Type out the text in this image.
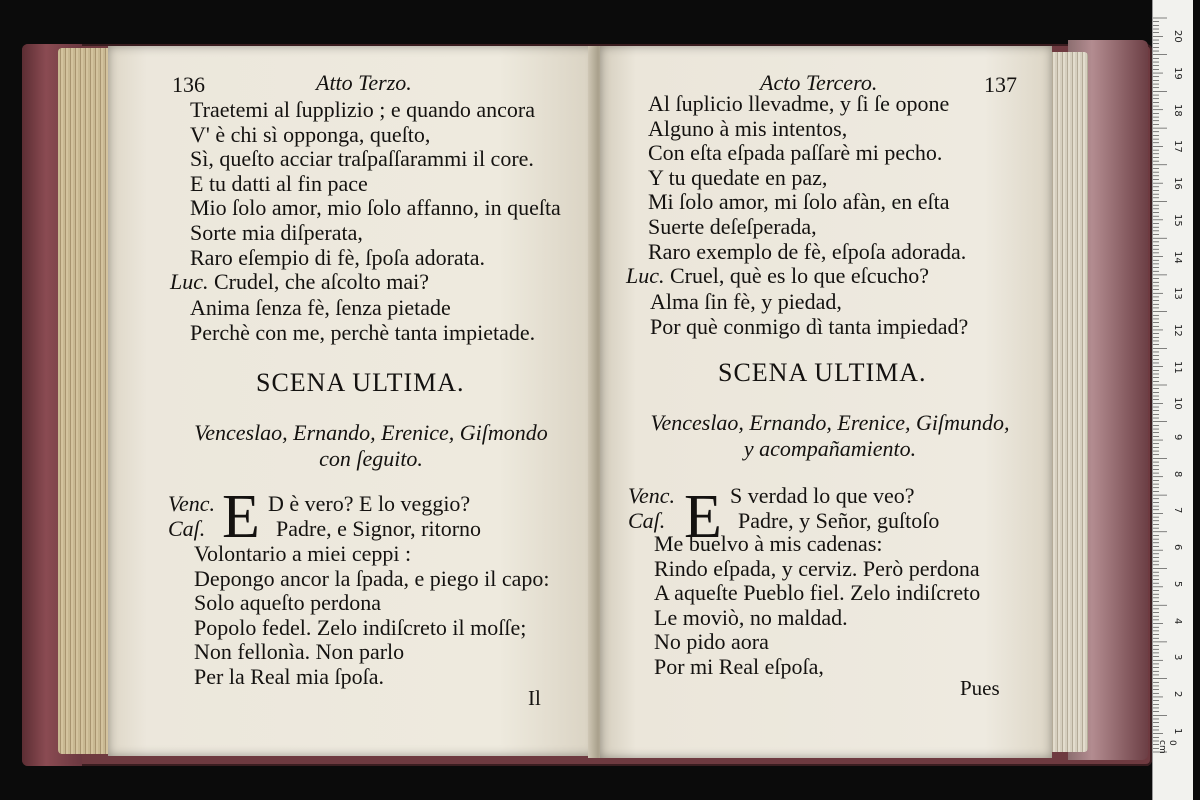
136	Atto Terzo.
Traetemi al ſupplizio ; e quando ancora
V' è chi sì opponga, queſto,
Sì, queſto acciar traſpaſſarammi il core.
E tu datti al fin pace
Mio ſolo amor, mio ſolo affanno, in queſta
Sorte mia diſperata,
Raro eſempio di fè, ſpoſa adorata.
Luc. Crudel, che aſcolto mai?
Anima ſenza fè, ſenza pietade
Perchè con me, perchè tanta impietade.
SCENA ULTIMA.
Venceslao, Ernando, Erenice, Giſmondo
con ſeguito.
E
Venc. D è vero? E lo veggio?
Caſ.	Padre, e Signor, ritorno
Volontario a miei ceppi :
Depongo ancor la ſpada, e piego il capo:
Solo aqueſto perdona
Popolo fedel. Zelo indiſcreto il moſſe;
Non fellonìa. Non parlo
Per la Real mia ſpoſa.
Il
Acto Tercero.	137
Al ſuplicio llevadme, y ſi ſe opone
Alguno à mis intentos,
Con eſta eſpada paſſarè mi pecho.
Y tu quedate en paz,
Mi ſolo amor, mi ſolo afàn, en eſta
Suerte deſeſperada,
Raro exemplo de fè, eſpoſa adorada.
Luc. Cruel, què es lo que eſcucho?
Alma ſin fè, y piedad,
Por què conmigo dì tanta impiedad?
SCENA ULTIMA.
Venceslao, Ernando, Erenice, Giſmundo,
y acompañamiento.
E
Venc. S verdad lo que veo?
Caſ.	Padre, y Señor, guſtoſo
Me buelvo à mis cadenas:
Rindo eſpada, y cerviz. Però perdona
A aqueſte Pueblo fiel. Zelo indiſcreto
Le moviò, no maldad.
No pido aora
Por mi Real eſpoſa,
Pues
20
19
18
17
16
15
14
13
12
11
10
9
8
7
6
5
4
3
2
1
0 cm
